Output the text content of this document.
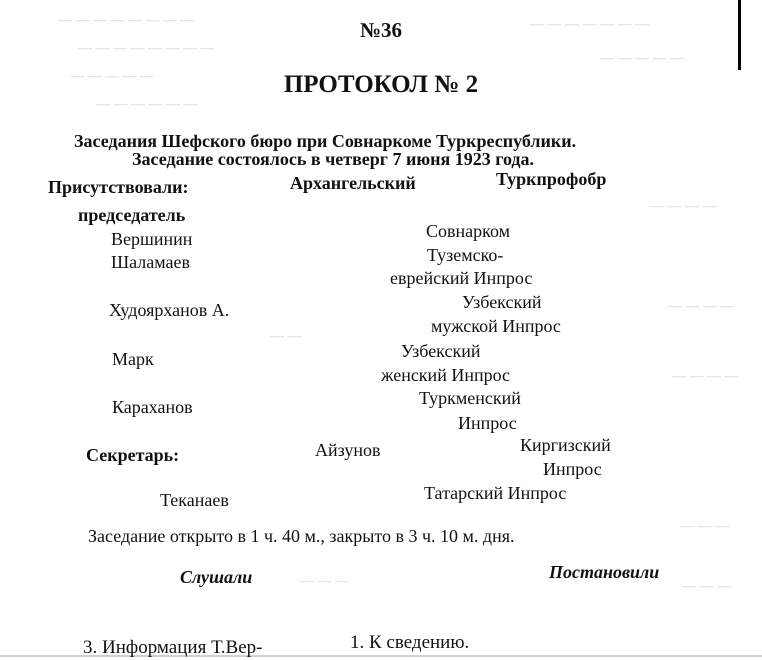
— — — — — — — —
— — — — — — — —
— — — — —
— — — — — —
— — — — — — —
— — — — —
— — — —
— — — —
— — — —
— — —
— — —
— —
— — —
№36
ПРОТОКОЛ № 2
Заседания Шефского бюро при Совнаркоме Туркреспублики.
Заседание состоялось в четверг 7 июня 1923 года.
Присутствовали:	Архангельский	Туркпрофобр
председатель
Вершинин	Совнарком
Шаламаев	Туземско-
еврейский Инпрос
Худоярханов А.	Узбекский
мужской Инпрос
Марк	Узбекский
женский Инпрос
Караханов	Туркменский
Инпрос
Секретарь:	Айзунов	Киргизский
Инпрос
Теканаев	Татарский Инпрос
Заседание открыто в 1 ч. 40 м., закрыто в 3 ч. 10 м. дня.
Слушали	Постановили
3. Информация Т.Вер-	1. К сведению.
